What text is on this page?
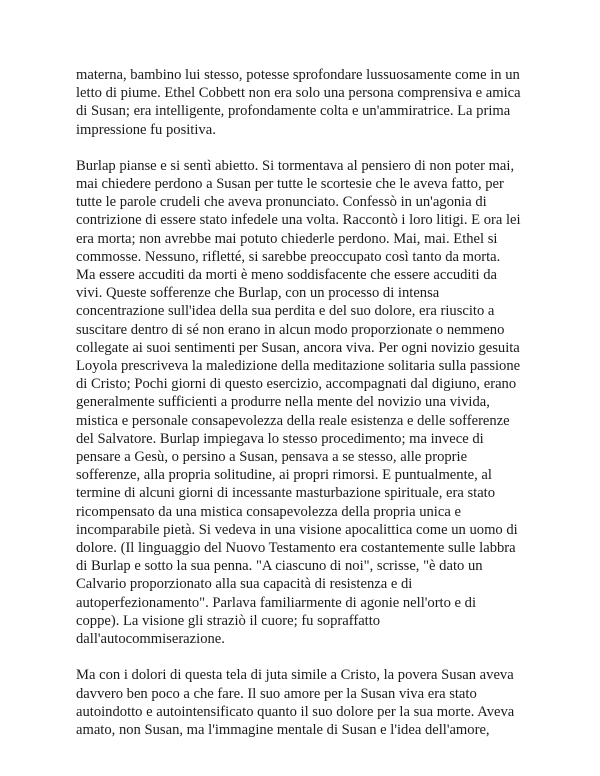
materna, bambino lui stesso, potesse sprofondare lussuosamente come in un
letto di piume. Ethel Cobbett non era solo una persona comprensiva e amica
di Susan; era intelligente, profondamente colta e un'ammiratrice. La prima
impressione fu positiva.

Burlap pianse e si sentì abietto. Si tormentava al pensiero di non poter mai,
mai chiedere perdono a Susan per tutte le scortesie che le aveva fatto, per
tutte le parole crudeli che aveva pronunciato. Confessò in un'agonia di
contrizione di essere stato infedele una volta. Raccontò i loro litigi. E ora lei
era morta; non avrebbe mai potuto chiederle perdono. Mai, mai. Ethel si
commosse. Nessuno, rifletté, si sarebbe preoccupato così tanto da morta.
Ma essere accuditi da morti è meno soddisfacente che essere accuditi da
vivi. Queste sofferenze che Burlap, con un processo di intensa
concentrazione sull'idea della sua perdita e del suo dolore, era riuscito a
suscitare dentro di sé non erano in alcun modo proporzionate o nemmeno
collegate ai suoi sentimenti per Susan, ancora viva. Per ogni novizio gesuita
Loyola prescriveva la maledizione della meditazione solitaria sulla passione
di Cristo; Pochi giorni di questo esercizio, accompagnati dal digiuno, erano
generalmente sufficienti a produrre nella mente del novizio una vivida,
mistica e personale consapevolezza della reale esistenza e delle sofferenze
del Salvatore. Burlap impiegava lo stesso procedimento; ma invece di
pensare a Gesù, o persino a Susan, pensava a se stesso, alle proprie
sofferenze, alla propria solitudine, ai propri rimorsi. E puntualmente, al
termine di alcuni giorni di incessante masturbazione spirituale, era stato
ricompensato da una mistica consapevolezza della propria unica e
incomparabile pietà. Si vedeva in una visione apocalittica come un uomo di
dolore. (Il linguaggio del Nuovo Testamento era costantemente sulle labbra
di Burlap e sotto la sua penna. "A ciascuno di noi", scrisse, "è dato un
Calvario proporzionato alla sua capacità di resistenza e di
autoperfezionamento". Parlava familiarmente di agonie nell'orto e di
coppe). La visione gli straziò il cuore; fu sopraffatto
dall'autocommiserazione.

Ma con i dolori di questa tela di juta simile a Cristo, la povera Susan aveva
davvero ben poco a che fare. Il suo amore per la Susan viva era stato
autoindotto e autointensificato quanto il suo dolore per la sua morte. Aveva
amato, non Susan, ma l'immagine mentale di Susan e l'idea dell'amore,
